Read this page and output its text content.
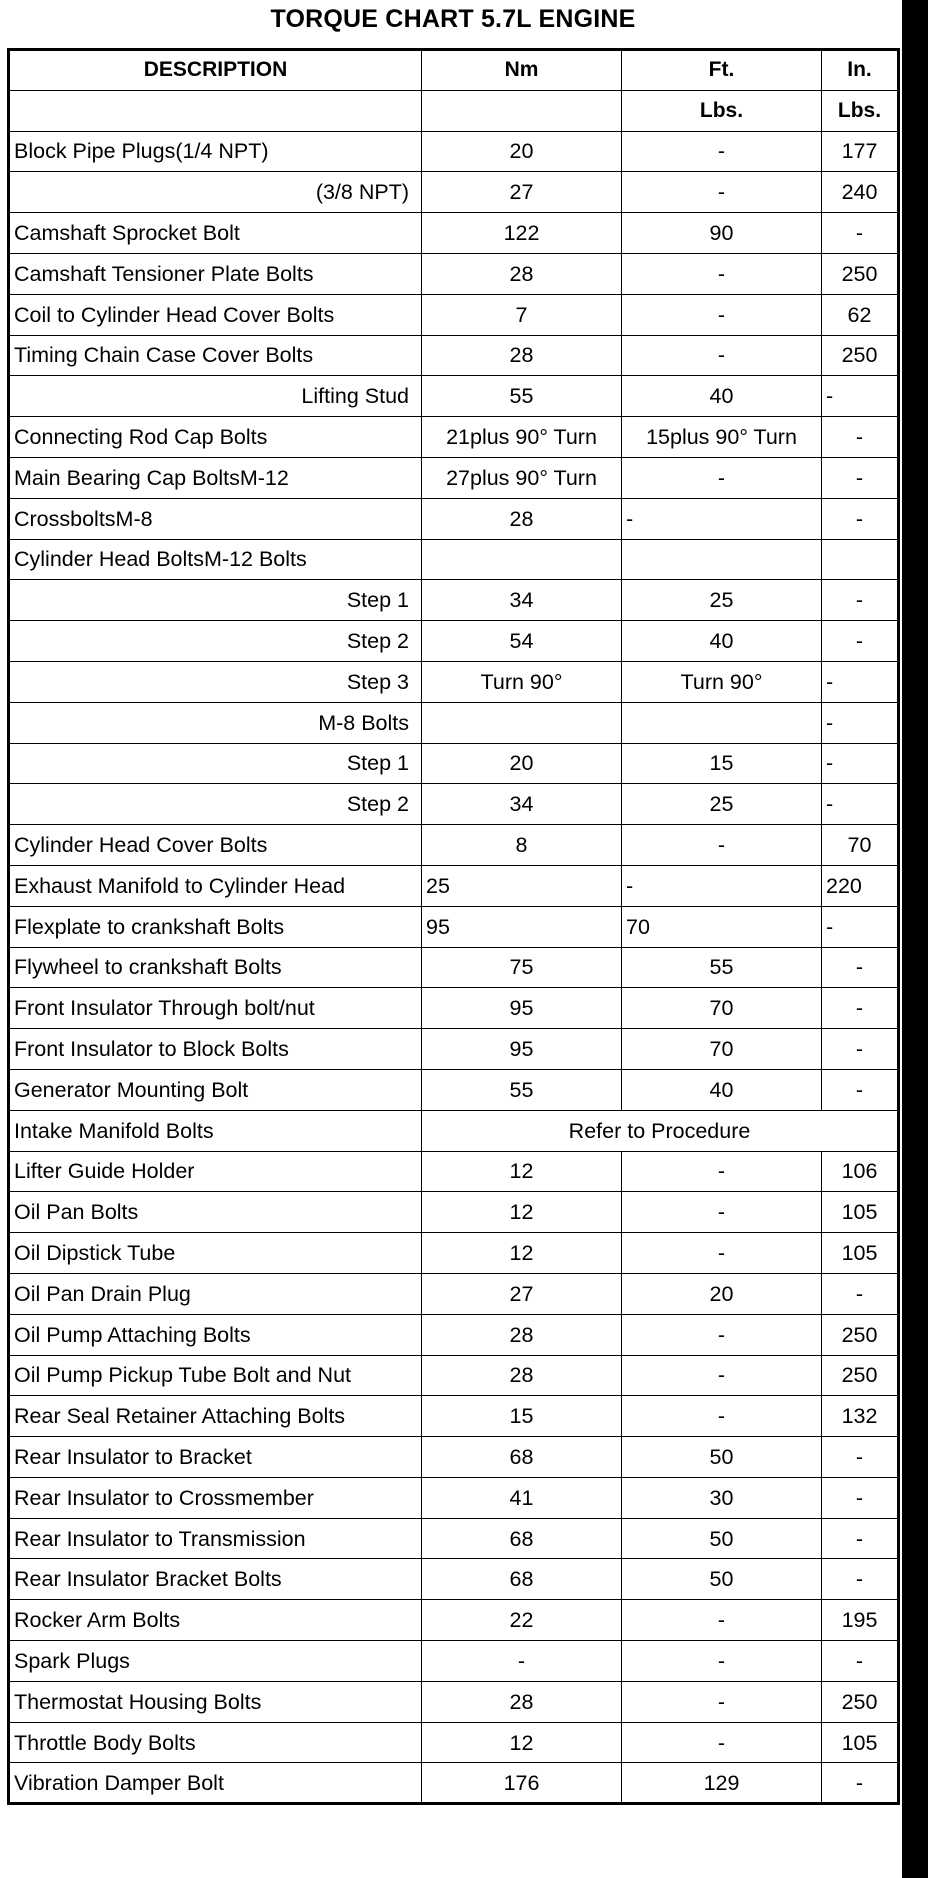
TORQUE CHART 5.7L ENGINE
DESCRIPTION	Nm	Ft.	In.
		Lbs.	Lbs.
Block Pipe Plugs(1/4 NPT)	20	-	177
(3/8 NPT)	27	-	240
Camshaft Sprocket Bolt	122	90	-
Camshaft Tensioner Plate Bolts	28	-	250
Coil to Cylinder Head Cover Bolts	7	-	62
Timing Chain Case Cover Bolts	28	-	250
Lifting Stud	55	40	-
Connecting Rod Cap Bolts	21plus 90° Turn	15plus 90° Turn	-
Main Bearing Cap BoltsM-12	27plus 90° Turn	-	-
CrossboltsM-8	28	-	-
Cylinder Head BoltsM-12 Bolts			
Step 1	34	25	-
Step 2	54	40	-
Step 3	Turn 90°	Turn 90°	-
M-8 Bolts			-
Step 1	20	15	-
Step 2	34	25	-
Cylinder Head Cover Bolts	8	-	70
Exhaust Manifold to Cylinder Head	25	-	220
Flexplate to crankshaft Bolts	95	70	-
Flywheel to crankshaft Bolts	75	55	-
Front Insulator Through bolt/nut	95	70	-
Front Insulator to Block Bolts	95	70	-
Generator Mounting Bolt	55	40	-
Intake Manifold Bolts	Refer to Procedure		
Lifter Guide Holder	12	-	106
Oil Pan Bolts	12	-	105
Oil Dipstick Tube	12	-	105
Oil Pan Drain Plug	27	20	-
Oil Pump Attaching Bolts	28	-	250
Oil Pump Pickup Tube Bolt and Nut	28	-	250
Rear Seal Retainer Attaching Bolts	15	-	132
Rear Insulator to Bracket	68	50	-
Rear Insulator to Crossmember	41	30	-
Rear Insulator to Transmission	68	50	-
Rear Insulator Bracket Bolts	68	50	-
Rocker Arm Bolts	22	-	195
Spark Plugs	-	-	-
Thermostat Housing Bolts	28	-	250
Throttle Body Bolts	12	-	105
Vibration Damper Bolt	176	129	-
